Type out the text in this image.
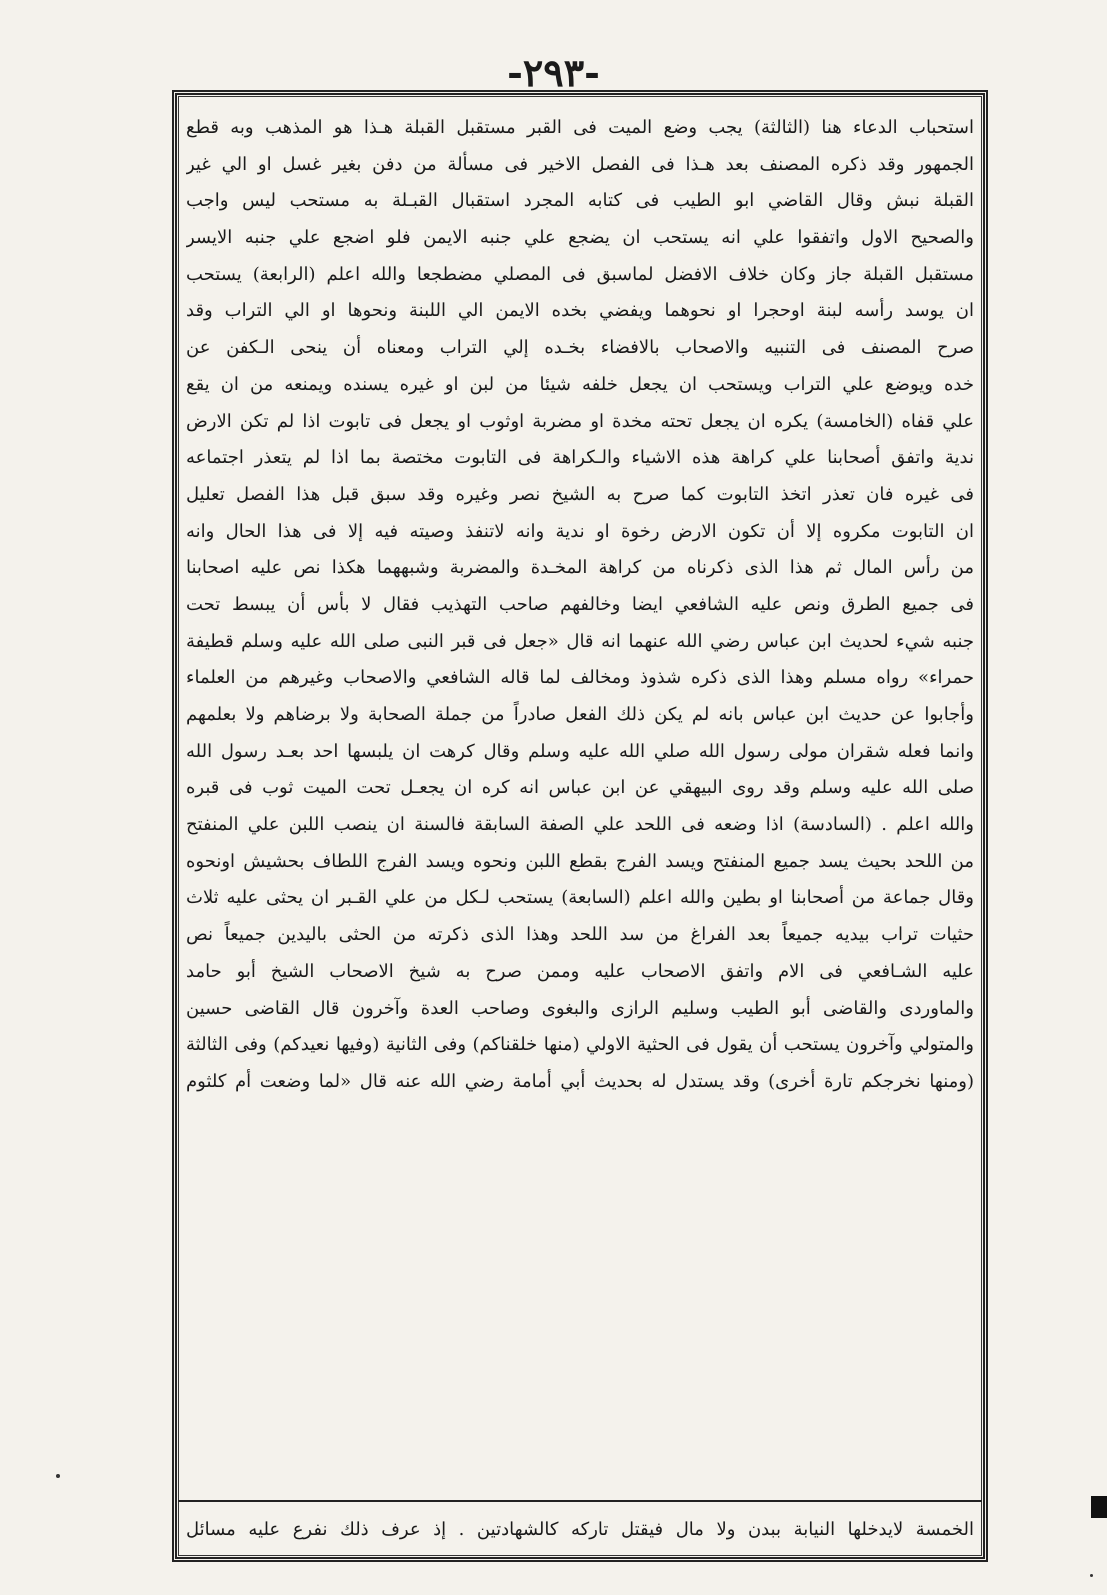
-٢٩٣-
استحباب الدعاء هنا (الثالثة) يجب وضع الميت فى القبر مستقبل القبلة هـذا هو المذهب وبه قطع
الجمهور وقد ذكره المصنف بعد هـذا فى الفصل الاخير فى مسألة من دفن بغير غسل او الي غير
القبلة نبش وقال القاضي ابو الطيب فى كتابه المجرد استقبال القبـلة به مستحب ليس واجب
والصحيح الاول واتفقوا علي انه يستحب ان يضجع علي جنبه الايمن فلو اضجع علي جنبه الايسر
مستقبل القبلة جاز وكان خلاف الافضل لماسبق فى المصلي مضطجعا والله اعلم (الرابعة) يستحب
ان يوسد رأسه لبنة اوحجرا او نحوهما ويفضي بخده الايمن الي اللبنة ونحوها او الي التراب وقد
صرح المصنف فى التنبيه والاصحاب بالافضاء بخـده إلي التراب ومعناه أن ينحى الـكفن عن
خده ويوضع علي التراب ويستحب ان يجعل خلفه شيئا من لبن او غيره يسنده ويمنعه من ان يقع
علي قفاه (الخامسة) يكره ان يجعل تحته مخدة او مضربة اوثوب او يجعل فى تابوت اذا لم تكن الارض
ندية واتفق أصحابنا علي كراهة هذه الاشياء والـكراهة فى التابوت مختصة بما اذا لم يتعذر اجتماعه
فى غيره فان تعذر اتخذ التابوت كما صرح به الشيخ نصر وغيره وقد سبق قبل هذا الفصل تعليل
ان التابوت مكروه إلا أن تكون الارض رخوة او ندية وانه لاتنفذ وصيته فيه إلا فى هذا الحال وانه
من رأس المال ثم هذا الذى ذكرناه من كراهة المخـدة والمضربة وشبههما هكذا نص عليه اصحابنا
فى جميع الطرق ونص عليه الشافعي ايضا وخالفهم صاحب التهذيب فقال لا بأس أن يبسط تحت
جنبه شيء لحديث ابن عباس رضي الله عنهما انه قال «جعل فى قبر النبى صلى الله عليه وسلم قطيفة
حمراء» رواه مسلم وهذا الذى ذكره شذوذ ومخالف لما قاله الشافعي والاصحاب وغيرهم من العلماء
وأجابوا عن حديث ابن عباس بانه لم يكن ذلك الفعل صادراً من جملة الصحابة ولا برضاهم ولا بعلمهم
وانما فعله شقران مولى رسول الله صلي الله عليه وسلم وقال كرهت ان يلبسها احد بعـد رسول الله
صلى الله عليه وسلم وقد روى البيهقي عن ابن عباس انه كره ان يجعـل تحت الميت ثوب فى قبره
والله اعلم . (السادسة) اذا وضعه فى اللحد علي الصفة السابقة فالسنة ان ينصب اللبن علي المنفتح
من اللحد بحيث يسد جميع المنفتح ويسد الفرج بقطع اللبن ونحوه ويسد الفرج اللطاف بحشيش اونحوه
وقال جماعة من أصحابنا او بطين والله اعلم (السابعة) يستحب لـكل من علي القـبر ان يحثى عليه ثلاث
حثيات تراب بيديه جميعاً بعد الفراغ من سد اللحد وهذا الذى ذكرته من الحثى باليدين جميعاً نص
عليه الشـافعي فى الام واتفق الاصحاب عليه وممن صرح به شيخ الاصحاب الشيخ أبو حامد
والماوردى والقاضى أبو الطيب وسليم الرازى والبغوى وصاحب العدة وآخرون قال القاضى حسين
والمتولي وآخرون يستحب أن يقول فى الحثية الاولي (منها خلقناكم) وفى الثانية (وفيها نعيدكم) وفى الثالثة
(ومنها نخرجكم تارة أخرى) وقد يستدل له بحديث أبي أمامة رضي الله عنه قال «لما وضعت أم كلثوم
الخمسة لايدخلها النيابة ببدن ولا مال فيقتل تاركه كالشهادتين . إذ عرف ذلك نفرع عليه مسائل
